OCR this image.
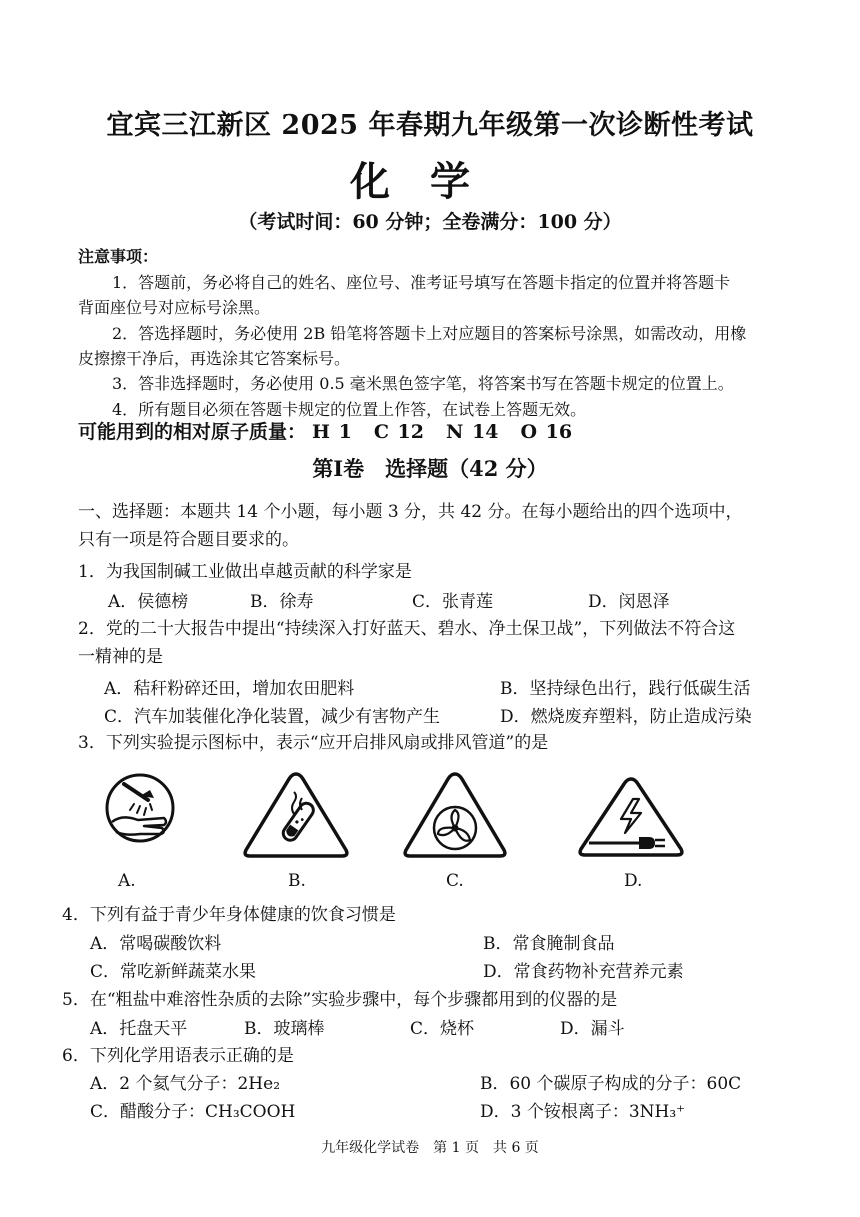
宜宾三江新区 2025 年春期九年级第一次诊断性考试
化学
（考试时间：60 分钟；全卷满分：100 分）
注意事项：
1．答题前，务必将自己的姓名、座位号、准考证号填写在答题卡指定的位置并将答题卡
背面座位号对应标号涂黑。
2．答选择题时，务必使用 2B 铅笔将答题卡上对应题目的答案标号涂黑，如需改动，用橡
皮擦擦干净后，再选涂其它答案标号。
3．答非选择题时，务必使用 0.5 毫米黑色签字笔，将答案书写在答题卡规定的位置上。
4．所有题目必须在答题卡规定的位置上作答，在试卷上答题无效。
可能用到的相对原子质量： H 1 C 12 N 14 O 16
第Ⅰ卷　选择题（42 分）
一、选择题：本题共 14 个小题，每小题 3 分，共 42 分。在每小题给出的四个选项中，
只有一项是符合题目要求的。
1．为我国制碱工业做出卓越贡献的科学家是
A．侯德榜	B．徐寿	C．张青莲	D．闵恩泽
2．党的二十大报告中提出“持续深入打好蓝天、碧水、净土保卫战”，下列做法不符合这
一精神的是
A．秸秆粉碎还田，增加农田肥料	B．坚持绿色出行，践行低碳生活
C．汽车加装催化净化装置，减少有害物产生	D．燃烧废弃塑料，防止造成污染
3．下列实验提示图标中，表示“应开启排风扇或排风管道”的是
A.	B.	C.	D.
4．下列有益于青少年身体健康的饮食习惯是
A．常喝碳酸饮料	B．常食腌制食品
C．常吃新鲜蔬菜水果	D．常食药物补充营养元素
5．在“粗盐中难溶性杂质的去除”实验步骤中，每个步骤都用到的仪器的是
A．托盘天平	B．玻璃棒	C．烧杯	D．漏斗
6．下列化学用语表示正确的是
A．2 个氦气分子：2He₂	B．60 个碳原子构成的分子：60C
C．醋酸分子：CH₃COOH	D．3 个铵根离子：3NH₃⁺
九年级化学试卷　第 1 页　共 6 页
